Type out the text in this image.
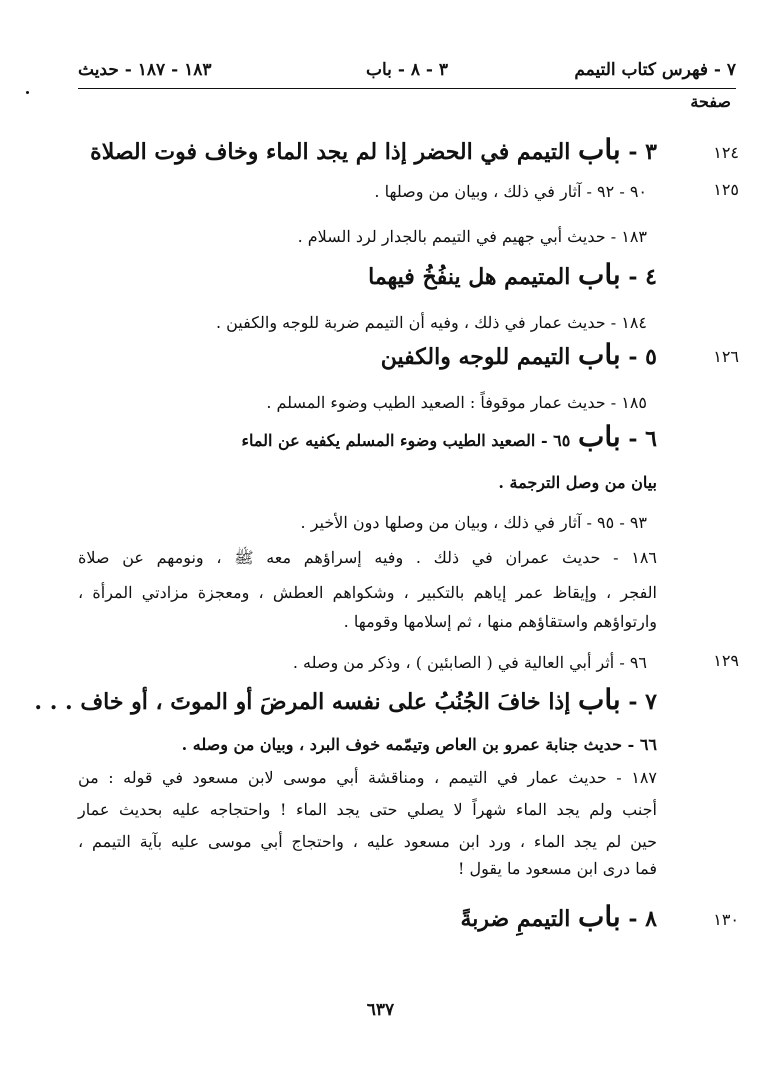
٧ - فهرس كتاب التيمم
٣ - ٨ - باب
١٨٣ - ١٨٧ - حديث
صفحة
١٢٤
٣ - باب التيمم في الحضر إذا لم يجد الماء وخاف فوت الصلاة
١٢٥
٩٠ - ٩٢ - آثار في ذلك ، وبيان من وصلها .
١٨٣ - حديث أبي جهيم في التيمم بالجدار لرد السلام .
٤ - باب المتيمم هل ينفُخُ فيهما
١٨٤ - حديث عمار في ذلك ، وفيه أن التيمم ضربة للوجه والكفين .
١٢٦
٥ - باب التيمم للوجه والكفين
١٨٥ - حديث عمار موقوفاً : الصعيد الطيب وضوء المسلم .
٦ - باب ٦٥ - الصعيد الطيب وضوء المسلم يكفيه عن الماء
بيان من وصل الترجمة .
٩٣ - ٩٥ - آثار في ذلك ، وبيان من وصلها دون الأخير .
١٨٦ - حديث عمران في ذلك . وفيه إسراؤهم معه ﷺ ، ونومهم عن صلاة
الفجر ، وإيقاظ عمر إياهم بالتكبير ، وشكواهم العطش ، ومعجزة مزادتي المرأة ،
وارتواؤهم واستقاؤهم منها ، ثم إسلامها وقومها .
١٢٩
٩٦ - أثر أبي العالية في ( الصابئين ) ، وذكر من وصله .
٧ - باب إذا خافَ الجُنُبُ على نفسه المرضَ أو الموتَ ، أو خاف . . .
٦٦ - حديث جنابة عمرو بن العاص وتيمّمه خوف البرد ، وبيان من وصله .
١٨٧ - حديث عمار في التيمم ، ومناقشة أبي موسى لابن مسعود في قوله : من
أجنب ولم يجد الماء شهراً لا يصلي حتى يجد الماء ! واحتجاجه عليه بحديث عمار
حين لم يجد الماء ، ورد ابن مسعود عليه ، واحتجاج أبي موسى عليه بآية التيمم ،
فما درى ابن مسعود ما يقول !
١٣٠
٨ - باب التيممِ ضربةً
٦٣٧
